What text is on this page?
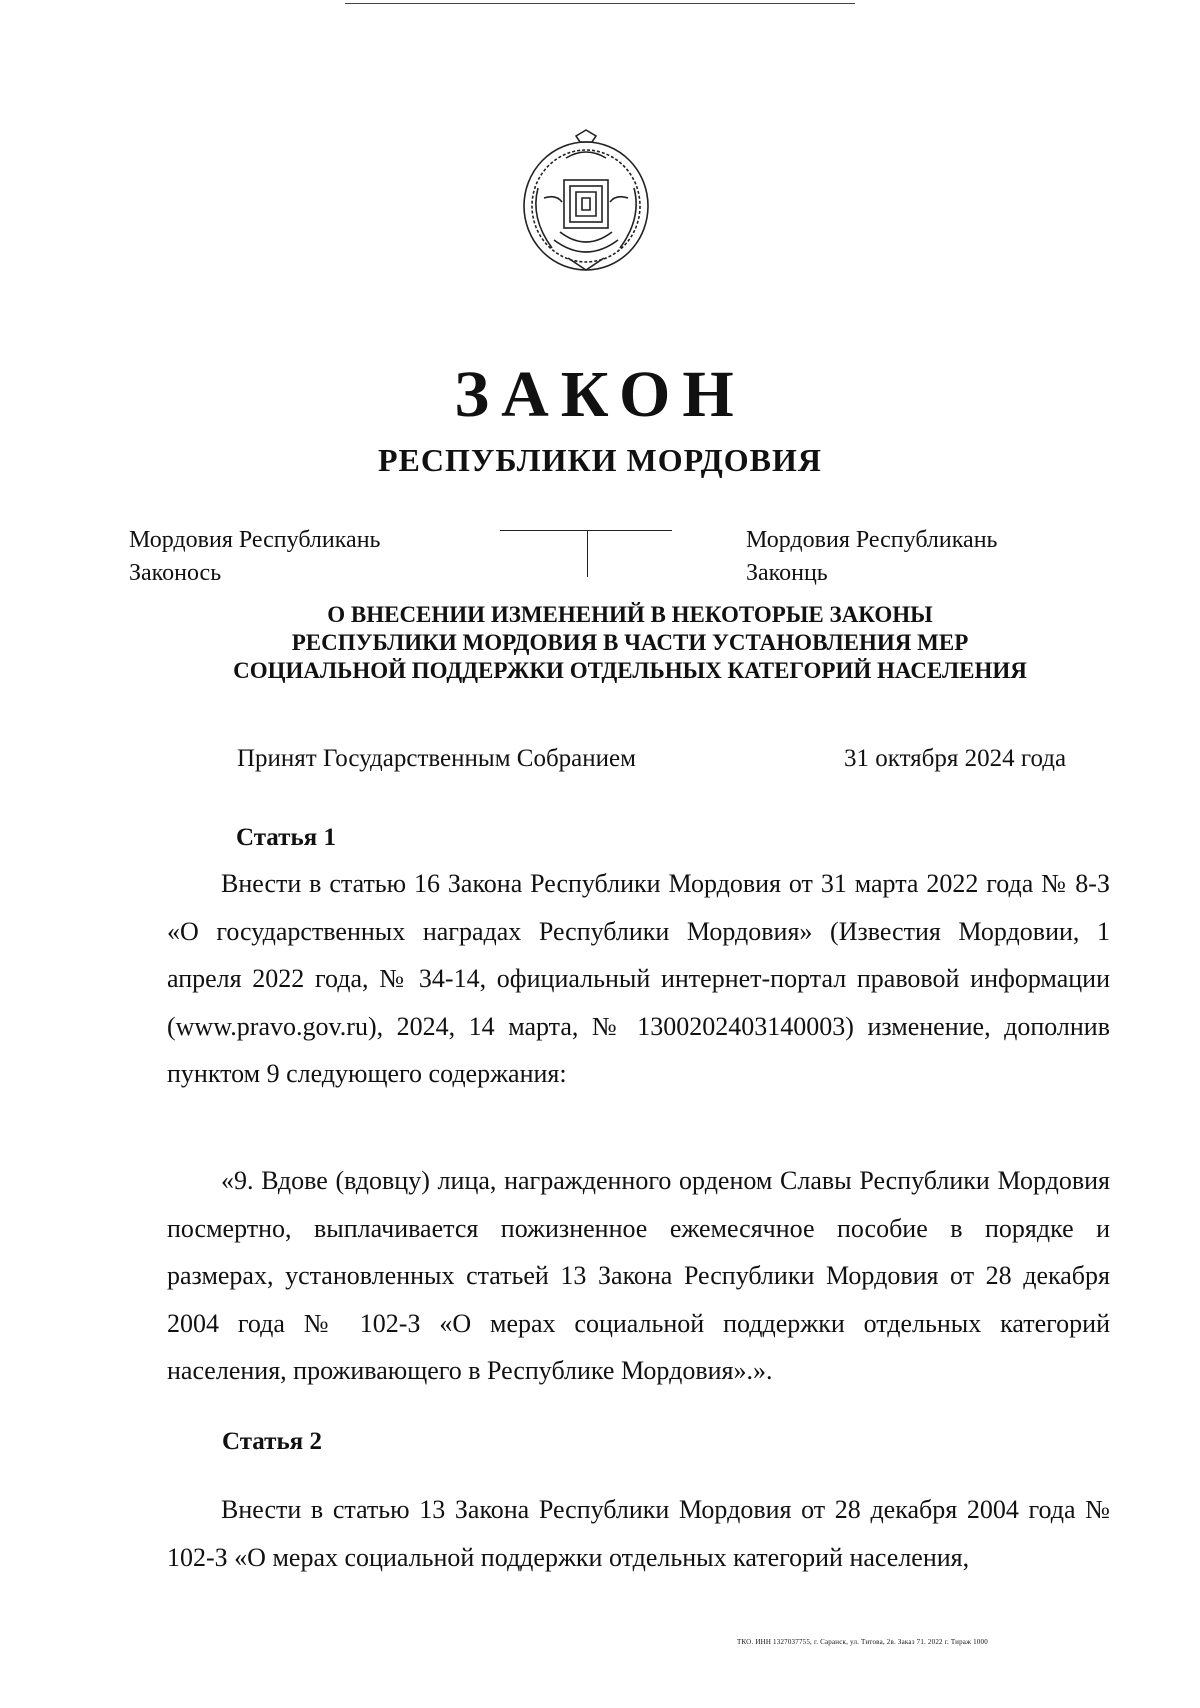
ЗАКОН
РЕСПУБЛИКИ МОРДОВИЯ
Мордовия Республикань
Законось
Мордовия Республикань
Законць
О ВНЕСЕНИИ ИЗМЕНЕНИЙ В НЕКОТОРЫЕ ЗАКОНЫ
РЕСПУБЛИКИ МОРДОВИЯ В ЧАСТИ УСТАНОВЛЕНИЯ МЕР
СОЦИАЛЬНОЙ ПОДДЕРЖКИ ОТДЕЛЬНЫХ КАТЕГОРИЙ НАСЕЛЕНИЯ
Принят Государственным Собранием	31 октября 2024 года
Статья 1
Внести в статью 16 Закона Республики Мордовия от 31 марта 2022 года № 8-З «О государственных наградах Республики Мордовия» (Известия Мордовии, 1 апреля 2022 года, № 34-14, официальный интернет-портал правовой информации (www.pravo.gov.ru), 2024, 14 марта, № 1300202403140003) изменение, дополнив пунктом 9 следующего содержания:
«9. Вдове (вдовцу) лица, награжденного орденом Славы Республики Мордовия посмертно, выплачивается пожизненное ежемесячное пособие в порядке и размерах, установленных статьей 13 Закона Республики Мордовия от 28 декабря 2004 года № 102-З «О мерах социальной поддержки отдельных категорий населения, проживающего в Республике Мордовия».».
Статья 2
Внести в статью 13 Закона Республики Мордовия от 28 декабря 2004 года № 102-З «О мерах социальной поддержки отдельных категорий населения,
ТКО. ИНН 1327037755, г. Саранск, ул. Титова, 2в. Заказ 71. 2022 г. Тираж 1000
